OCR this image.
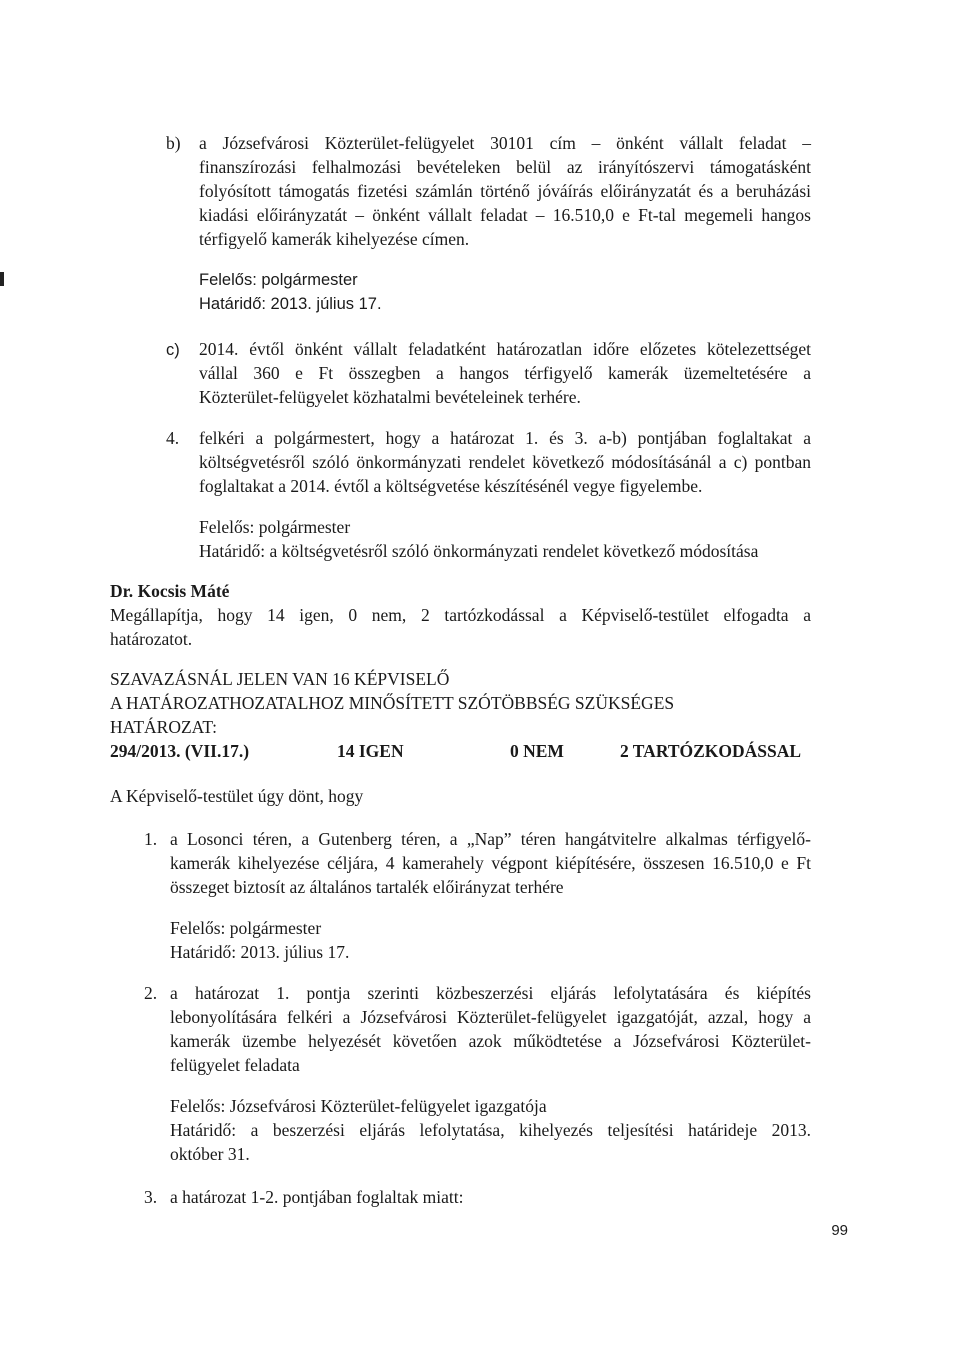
b) a Józsefvárosi Közterület-felügyelet 30101 cím – önként vállalt feladat –
finanszírozási felhalmozási bevételeken belül az irányítószervi támogatásként
folyósított támogatás fizetési számlán történő jóváírás előirányzatát és a beruházási
kiadási előirányzatát – önként vállalt feladat – 16.510,0 e Ft-tal megemeli hangos
térfigyelő kamerák kihelyezése címen.
Felelős: polgármester
Határidő: 2013. július 17.
c) 2014. évtől önként vállalt feladatként határozatlan időre előzetes kötelezettséget
vállal 360 e Ft összegben a hangos térfigyelő kamerák üzemeltetésére a
Közterület-felügyelet közhatalmi bevételeinek terhére.
4. felkéri a polgármestert, hogy a határozat 1. és 3. a-b) pontjában foglaltakat a
költségvetésről szóló önkormányzati rendelet következő módosításánál a c) pontban
foglaltakat a 2014. évtől a költségvetése készítésénél vegye figyelembe.
Felelős: polgármester
Határidő: a költségvetésről szóló önkormányzati rendelet következő módosítása
Dr. Kocsis Máté
Megállapítja, hogy 14 igen, 0 nem, 2 tartózkodással a Képviselő-testület elfogadta a
határozatot.
SZAVAZÁSNÁL JELEN VAN 16 KÉPVISELŐ
A HATÁROZATHOZATALHOZ MINŐSÍTETT SZÓTÖBBSÉG SZÜKSÉGES
HATÁROZAT:
294/2013. (VII.17.)	14 IGEN	0 NEM	2 TARTÓZKODÁSSAL
A Képviselő-testület úgy dönt, hogy
1. a Losonci téren, a Gutenberg téren, a „Nap” téren hangátvitelre alkalmas térfigyelő-
kamerák kihelyezése céljára, 4 kamerahely végpont kiépítésére, összesen 16.510,0 e Ft
összeget biztosít az általános tartalék előirányzat terhére
Felelős: polgármester
Határidő: 2013. július 17.
2. a határozat 1. pontja szerinti közbeszerzési eljárás lefolytatására és kiépítés
lebonyolítására felkéri a Józsefvárosi Közterület-felügyelet igazgatóját, azzal, hogy a
kamerák üzembe helyezését követően azok működtetése a Józsefvárosi Közterület-
felügyelet feladata
Felelős: Józsefvárosi Közterület-felügyelet igazgatója
Határidő: a beszerzési eljárás lefolytatása, kihelyezés teljesítési határideje 2013.
október 31.
3. a határozat 1-2. pontjában foglaltak miatt:
99
